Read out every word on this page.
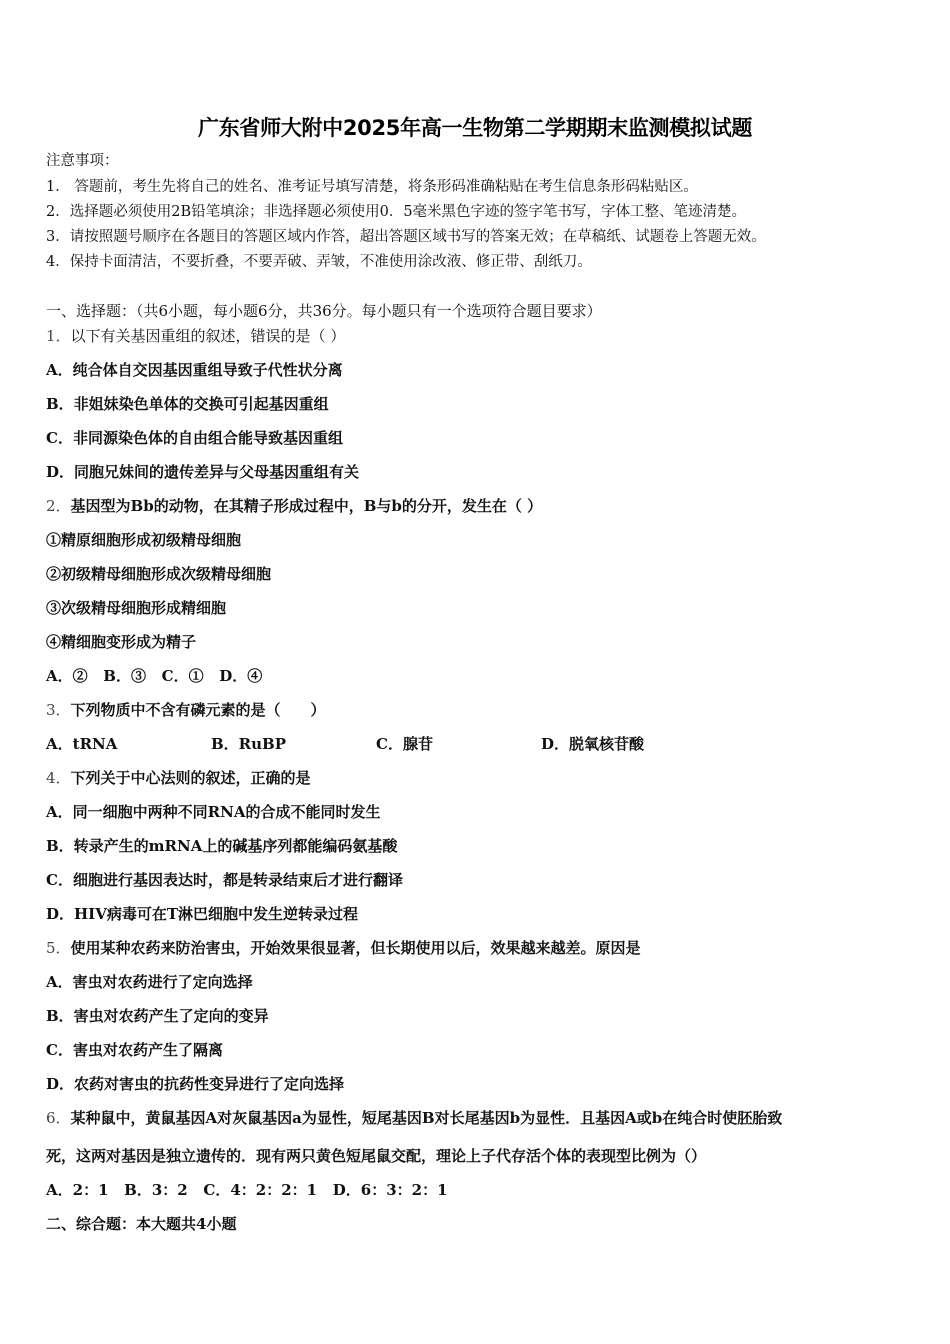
广东省师大附中2025年高一生物第二学期期末监测模拟试题
注意事项：
1． 答题前，考生先将自己的姓名、准考证号填写清楚，将条形码准确粘贴在考生信息条形码粘贴区。
2．选择题必须使用2B铅笔填涂；非选择题必须使用0．5毫米黑色字迹的签字笔书写，字体工整、笔迹清楚。
3．请按照题号顺序在各题目的答题区域内作答，超出答题区域书写的答案无效；在草稿纸、试题卷上答题无效。
4．保持卡面清洁，不要折叠，不要弄破、弄皱，不准使用涂改液、修正带、刮纸刀。
一、选择题：（共6小题，每小题6分，共36分。每小题只有一个选项符合题目要求）
1．以下有关基因重组的叙述，错误的是（ ）
A．纯合体自交因基因重组导致子代性状分离
B．非姐妹染色单体的交换可引起基因重组
C．非同源染色体的自由组合能导致基因重组
D．同胞兄妹间的遗传差异与父母基因重组有关
2．基因型为Bb的动物，在其精子形成过程中，B与b的分开，发生在（ ）
①精原细胞形成初级精母细胞
②初级精母细胞形成次级精母细胞
③次级精母细胞形成精细胞
④精细胞变形成为精子
A．②   B．③   C．①   D．④
3．下列物质中不含有磷元素的是（　　）
A．tRNA	B．RuBP	C．腺苷	D．脱氧核苷酸
4．下列关于中心法则的叙述，正确的是
A．同一细胞中两种不同RNA的合成不能同时发生
B．转录产生的mRNA上的碱基序列都能编码氨基酸
C．细胞进行基因表达时，都是转录结束后才进行翻译
D．HIV病毒可在T淋巴细胞中发生逆转录过程
5．使用某种农药来防治害虫，开始效果很显著，但长期使用以后，效果越来越差。原因是
A．害虫对农药进行了定向选择
B．害虫对农药产生了定向的变异
C．害虫对农药产生了隔离
D．农药对害虫的抗药性变异进行了定向选择
6．某种鼠中，黄鼠基因A对灰鼠基因a为显性，短尾基因B对长尾基因b为显性．且基因A或b在纯合时使胚胎致
死，这两对基因是独立遗传的．现有两只黄色短尾鼠交配，理论上子代存活个体的表现型比例为（）
A．2：1   B．3：2   C．4：2：2：1   D．6：3：2：1
二、综合题：本大题共4小题
